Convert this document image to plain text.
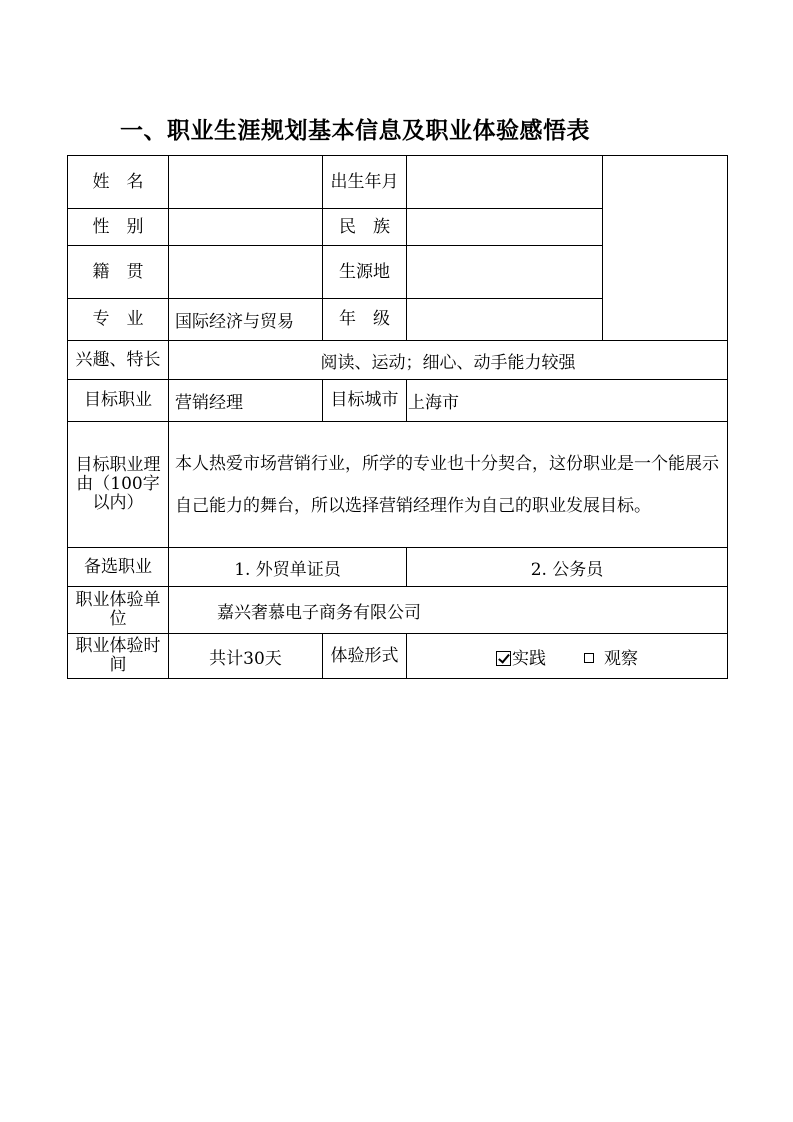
一、职业生涯规划基本信息及职业体验感悟表
姓　名		出生年月		
性　别		民　族		
籍　贯		生源地		
专　业	国际经济与贸易	年　级		
兴趣、特长	阅读、运动；细心、动手能力较强			
目标职业	营销经理	目标城市	上海市	
目标职业理由（100字以内）	本人热爱市场营销行业，所学的专业也十分契合，这份职业是一个能展示自己能力的舞台，所以选择营销经理作为自己的职业发展目标。			
备选职业	1. 外贸单证员		2. 公务员	
职业体验单位	嘉兴奢慕电子商务有限公司			
职业体验时间	共计30天	体验形式	实践 观察	
